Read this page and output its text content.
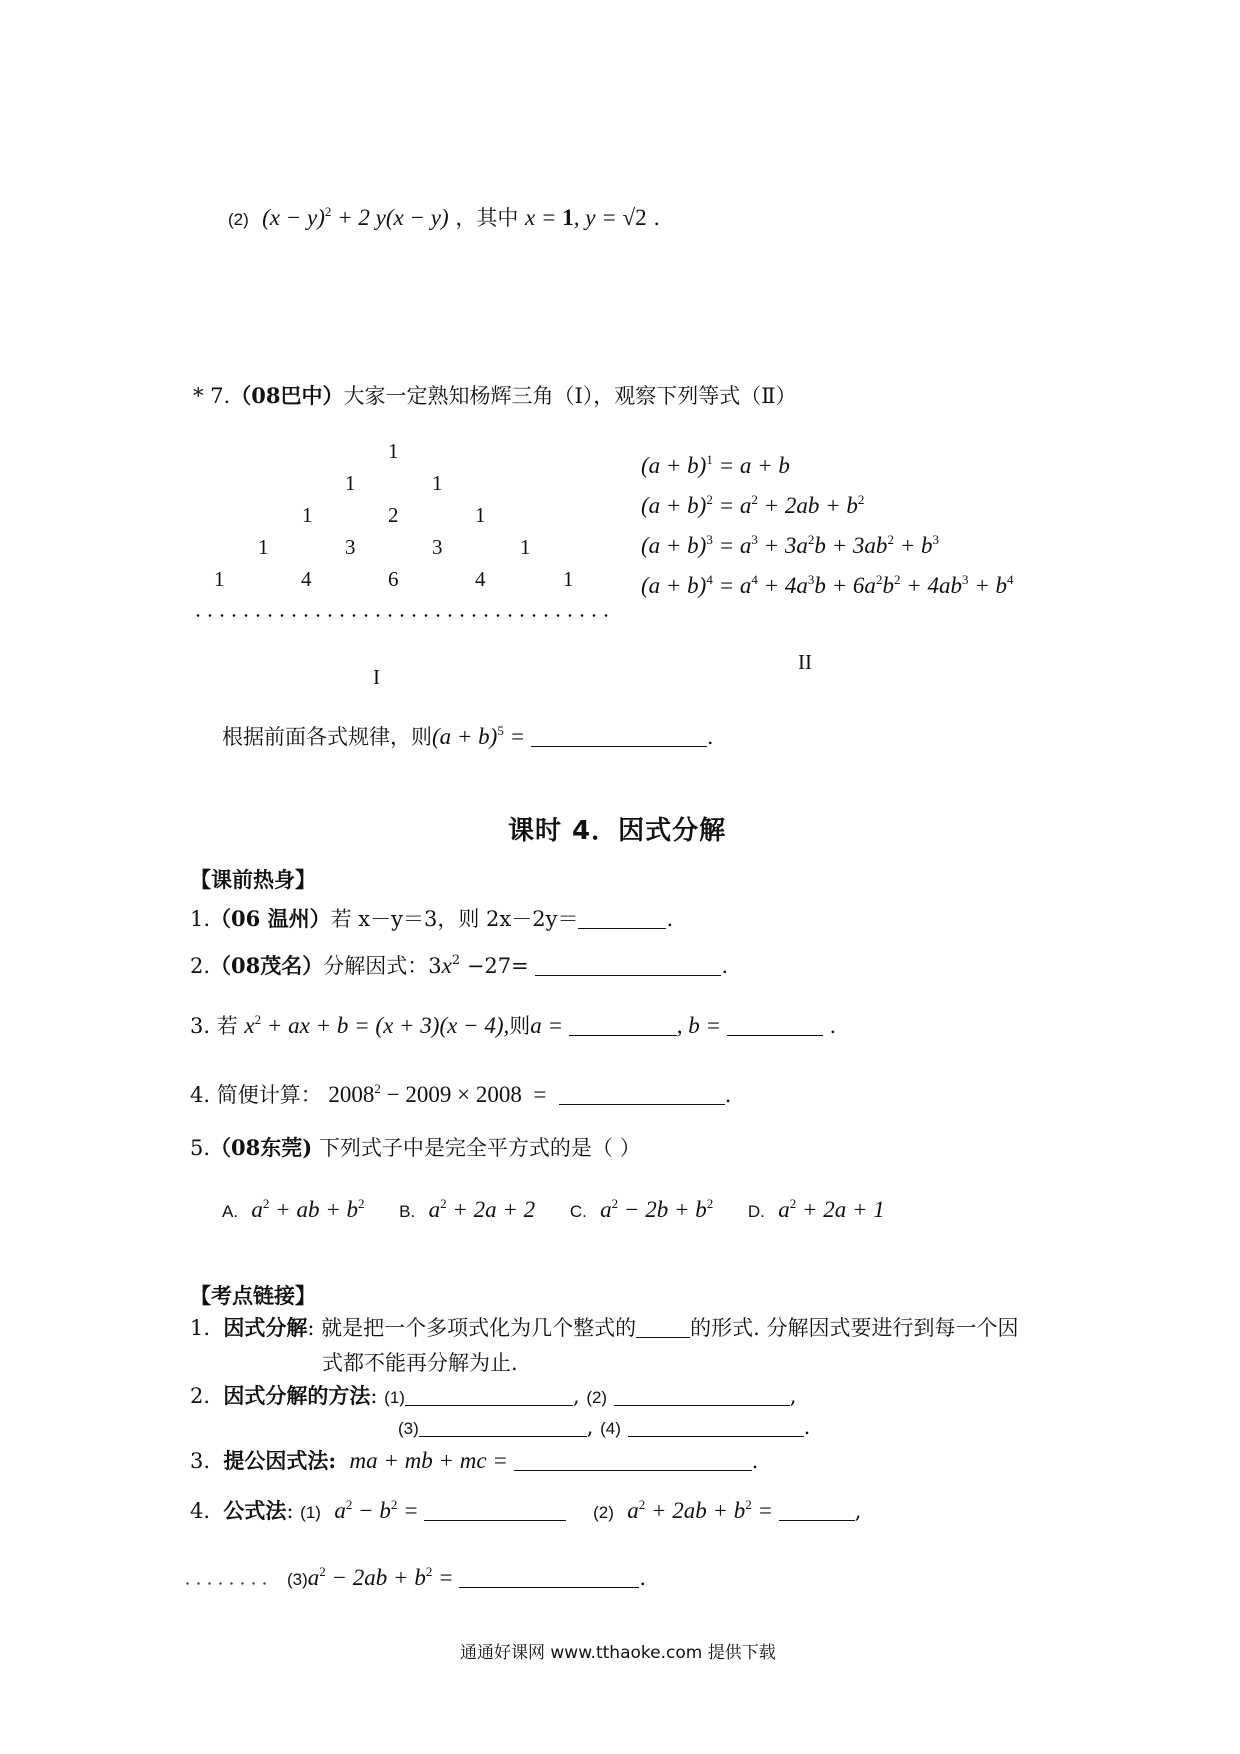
(2) $(x - y)^2 + 2$ y(x − y) ，其中 x = 1, y = √2 .
* 7.（08巴中）大家一定熟知杨辉三角（Ⅰ），观察下列等式（Ⅱ）
1
1	1
1	2	1
1	3	3	1
1	4	6	4	1
$(a + b)^1 = a + b$
$(a + b)^2 = a^2 + 2ab + b^2$
$(a + b)^3 = a^3 + 3a^2b + 3ab^2 + b^3$
$(a + b)^4 = a^4 + 4a^3b + 6a^2b^2 + 4ab^3 + b^4$
I
II
根据前面各式规律，则$(a + b)^5$ =	.
课时 4．因式分解
【课前热身】
1.（06 温州）若 x－y＝3，则 2x－2y＝	.
2.（08茂名）分解因式：$3x^2 -27=$	.
3. 若 $x^2$ + ax + b = (x + 3)(x − 4),则a =	, b =	.
4. 简便计算： $2008^2 - 2009 \times 2008$  =	.
5.（08东莞) 下列式子中是完全平方式的是（ ）
A. $a^2$ + ab + $b^2$ B. $a^2 + 2a + 2$ C. $a^2 - 2b + b^2$ D. $a^2 + 2a + 1$
【考点链接】
1. 因式分解: 就是把一个多项式化为几个整式的	的形式. 分解因式要进行到每一个因
式都不能再分解为止.
2. 因式分解的方法: (1)	, (2)	,
(3)	, (4)	.
3. 提公因式法: ma + mb + mc =	.
4. 公式法: (1) $a^2 - b^2$ =	(2) $a^2 + 2ab + b^2$ =	,
$(3)a^2 - 2ab + b^2$ =	.
通通好课网 www.tthaoke.com 提供下载
